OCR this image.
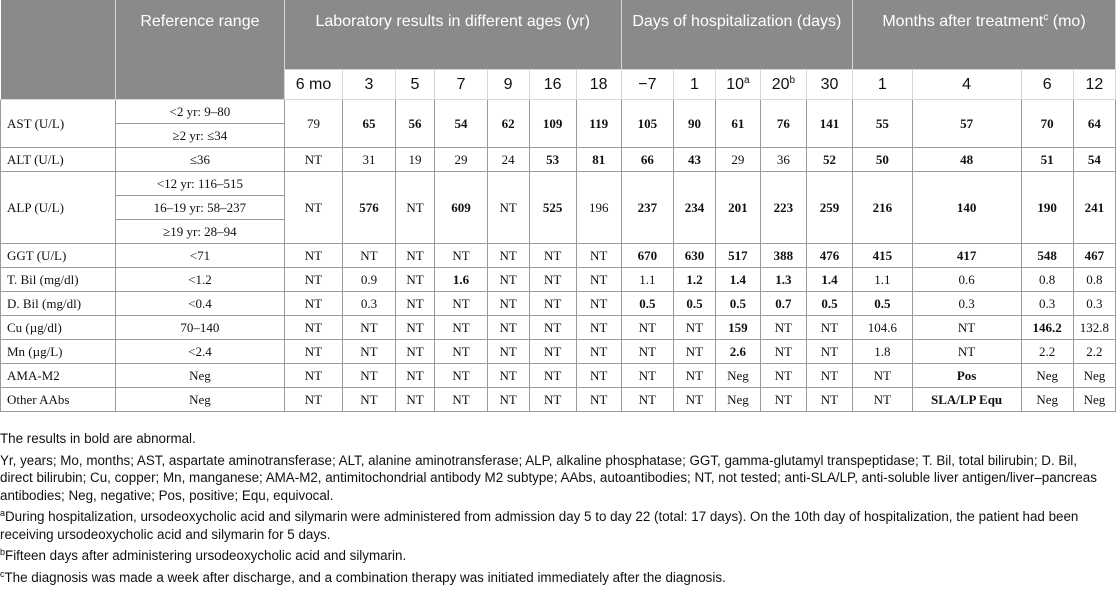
	Reference range	Laboratory results in different ages (yr)							Days of hospitalization (days)					Months after treatment$^c$ (mo)			
		6 mo	3	5	7	9	16	18	−7	1	10$^a$	20$^b$	30	1	4	6	12
AST (U/L)	<2 yr: 9–80	79	65	56	54	62	109	119	105	90	61	76	141	55	57	70	64
	≥2 yr: ≤34																
ALT (U/L)	≤36	NT	31	19	29	24	53	81	66	43	29	36	52	50	48	51	54
ALP (U/L)	<12 yr: 116–515	NT	576	NT	609	NT	525	196	237	234	201	223	259	216	140	190	241
	16–19 yr: 58–237																
	≥19 yr: 28–94																
GGT (U/L)	<71	NT	NT	NT	NT	NT	NT	NT	670	630	517	388	476	415	417	548	467
T. Bil (mg/dl)	<1.2	NT	0.9	NT	1.6	NT	NT	NT	1.1	1.2	1.4	1.3	1.4	1.1	0.6	0.8	0.8
D. Bil (mg/dl)	<0.4	NT	0.3	NT	NT	NT	NT	NT	0.5	0.5	0.5	0.7	0.5	0.5	0.3	0.3	0.3
Cu (µg/dl)	70–140	NT	NT	NT	NT	NT	NT	NT	NT	NT	159	NT	NT	104.6	NT	146.2	132.8
Mn (µg/L)	<2.4	NT	NT	NT	NT	NT	NT	NT	NT	NT	2.6	NT	NT	1.8	NT	2.2	2.2
AMA-M2	Neg	NT	NT	NT	NT	NT	NT	NT	NT	NT	Neg	NT	NT	NT	Pos	Neg	Neg
Other AAbs	Neg	NT	NT	NT	NT	NT	NT	NT	NT	NT	Neg	NT	NT	NT	SLA/LP Equ	Neg	Neg

The results in bold are abnormal.

Yr, years; Mo, months; AST, aspartate aminotransferase; ALT, alanine aminotransferase; ALP, alkaline phosphatase; GGT, gamma-glutamyl transpeptidase; T. Bil, total bilirubin; D. Bil, direct bilirubin; Cu, copper; Mn, manganese; AMA-M2, antimitochondrial antibody M2 subtype; AAbs, autoantibodies; NT, not tested; anti-SLA/LP, anti-soluble liver antigen/liver–pancreas antibodies; Neg, negative; Pos, positive; Equ, equivocal.

$^a$During hospitalization, ursodeoxycholic acid and silymarin were administered from admission day 5 to day 22 (total: 17 days). On the 10th day of hospitalization, the patient had been receiving ursodeoxycholic acid and silymarin for 5 days.

$^b$Fifteen days after administering ursodeoxycholic acid and silymarin.

$^c$The diagnosis was made a week after discharge, and a combination therapy was initiated immediately after the diagnosis.
